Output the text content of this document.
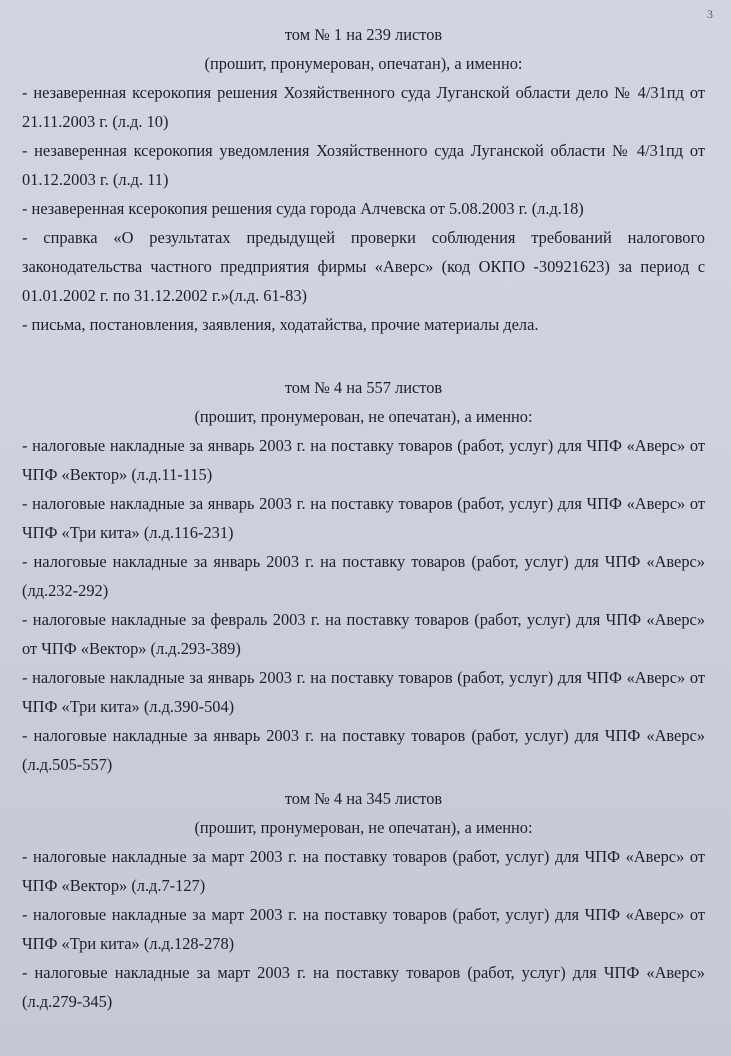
3

том № 1 на 239 листов

(прошит, пронумерован, опечатан), а именно:

- незаверенная ксерокопия решения Хозяйственного суда Луганской области дело № 4/31пд от 21.11.2003 г. (л.д. 10)

- незаверенная ксерокопия уведомления Хозяйственного суда Луганской области № 4/31пд от 01.12.2003 г. (л.д. 11)

- незаверенная ксерокопия решения суда города Алчевска от 5.08.2003 г. (л.д.18)

- справка «О результатах предыдущей проверки соблюдения требований налогового законодательства частного предприятия фирмы «Аверс» (код ОКПО -30921623) за период с 01.01.2002 г. по 31.12.2002 г.»(л.д. 61-83)

- письма, постановления, заявления, ходатайства, прочие материалы дела.

том № 4 на 557 листов

(прошит, пронумерован, не опечатан), а именно:

- налоговые накладные за январь 2003 г. на поставку товаров (работ, услуг) для ЧПФ «Аверс» от ЧПФ «Вектор» (л.д.11-115)

- налоговые накладные за январь 2003 г. на поставку товаров (работ, услуг) для ЧПФ «Аверс» от ЧПФ «Три кита» (л.д.116-231)

- налоговые накладные за январь 2003 г. на поставку товаров (работ, услуг) для ЧПФ «Аверс» (лд.232-292)

- налоговые накладные за февраль 2003 г. на поставку товаров (работ, услуг) для ЧПФ «Аверс» от ЧПФ «Вектор» (л.д.293-389)

- налоговые накладные за январь 2003 г. на поставку товаров (работ, услуг) для ЧПФ «Аверс» от ЧПФ «Три кита» (л.д.390-504)

- налоговые накладные за январь 2003 г. на поставку товаров (работ, услуг) для ЧПФ «Аверс» (л.д.505-557)

том № 4 на 345 листов

(прошит, пронумерован, не опечатан), а именно:

- налоговые накладные за март 2003 г. на поставку товаров (работ, услуг) для ЧПФ «Аверс» от ЧПФ «Вектор» (л.д.7-127)

- налоговые накладные за март 2003 г. на поставку товаров (работ, услуг) для ЧПФ «Аверс» от ЧПФ «Три кита» (л.д.128-278)

- налоговые накладные за март 2003 г. на поставку товаров (работ, услуг) для ЧПФ «Аверс» (л.д.279-345)
